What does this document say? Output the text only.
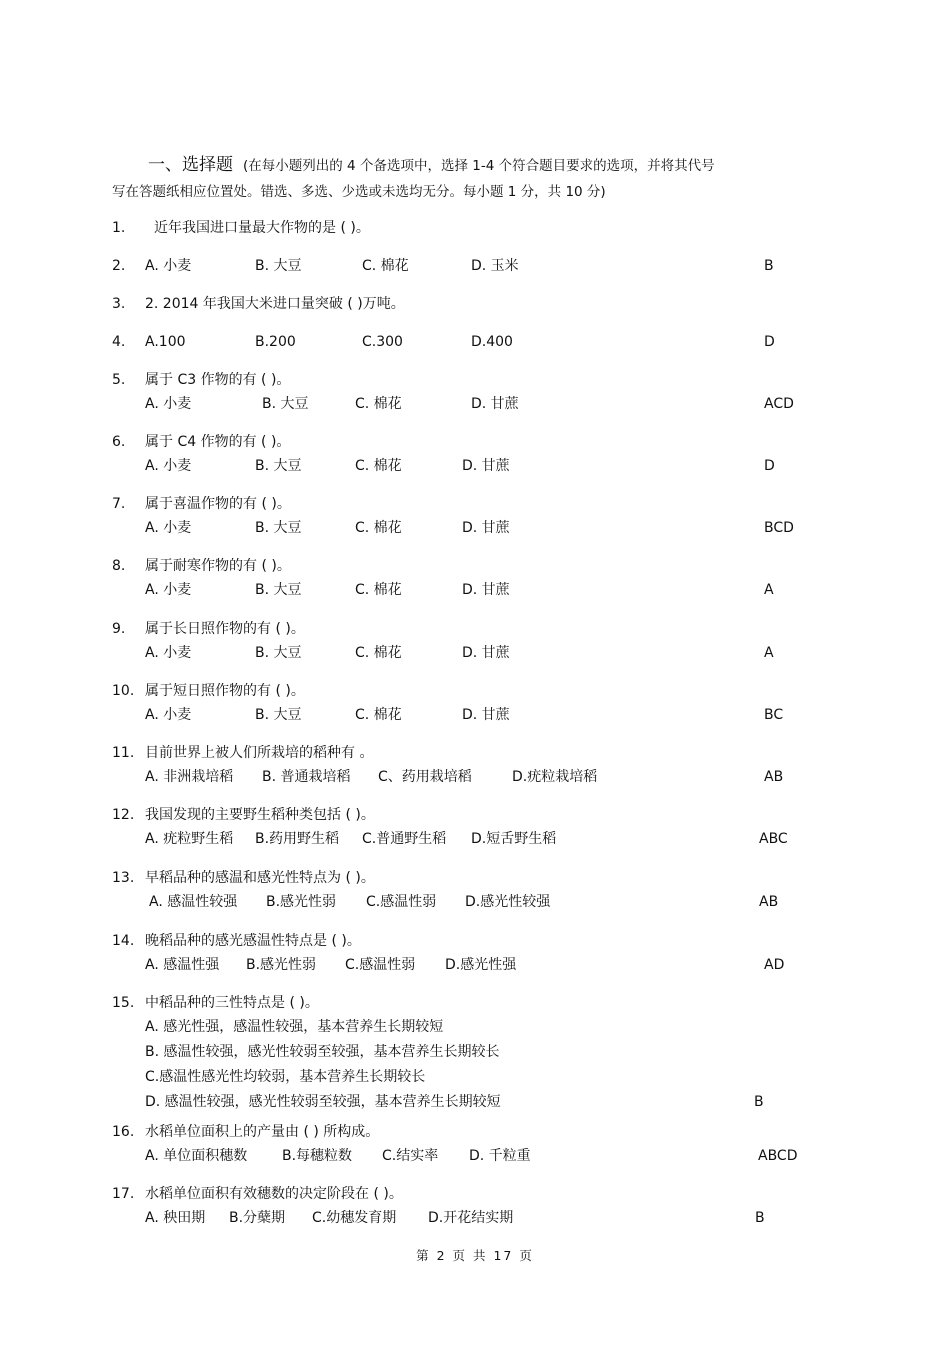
一、选择题 (在每小题列出的 4 个备选项中，选择 1-4 个符合题目要求的选项，并将其代号
写在答题纸相应位置处。错选、多选、少选或未选均无分。每小题 1 分，共 10 分)
1. 近年我国进口量最大作物的是 ( )。
2. A. 小麦	B. 大豆	C. 棉花	D. 玉米	B
3. 2. 2014 年我国大米进口量突破 ( )万吨。
4. A.100	B.200	C.300	D.400	D
5. 属于 C3 作物的有 ( )。
A. 小麦	B. 大豆	C. 棉花	D. 甘蔗	ACD
6. 属于 C4 作物的有 ( )。
A. 小麦	B. 大豆	C. 棉花	D. 甘蔗	D
7. 属于喜温作物的有 ( )。
A. 小麦	B. 大豆	C. 棉花	D. 甘蔗	BCD
8. 属于耐寒作物的有 ( )。
A. 小麦	B. 大豆	C. 棉花	D. 甘蔗	A
9. 属于长日照作物的有 ( )。
A. 小麦	B. 大豆	C. 棉花	D. 甘蔗	A
10. 属于短日照作物的有 ( )。
A. 小麦	B. 大豆	C. 棉花	D. 甘蔗	BC
11. 目前世界上被人们所栽培的稻种有 。
A. 非洲栽培稻 B. 普通栽培稻 C、药用栽培稻	D.疣粒栽培稻	AB
12. 我国发现的主要野生稻种类包括 ( )。
A. 疣粒野生稻 B.药用野生稻 C.普通野生稻 D.短舌野生稻	ABC
13. 早稻品种的感温和感光性特点为 ( )。
A. 感温性较强 B.感光性弱 C.感温性弱 D.感光性较强	AB
14. 晚稻品种的感光感温性特点是 ( )。
A. 感温性强 B.感光性弱 C.感温性弱 D.感光性强	AD
15. 中稻品种的三性特点是 ( )。
A. 感光性强，感温性较强，基本营养生长期较短
B. 感温性较强，感光性较弱至较强，基本营养生长期较长
C.感温性感光性均较弱，基本营养生长期较长
D. 感温性较强，感光性较弱至较强，基本营养生长期较短	B
16. 水稻单位面积上的产量由 ( ) 所构成。
A. 单位面积穗数 B.每穗粒数 C.结实率 D. 千粒重	ABCD
17. 水稻单位面积有效穗数的决定阶段在 ( )。
A. 秧田期 B.分蘖期 C.幼穗发育期 D.开花结实期	B
第 2 页 共 17 页
